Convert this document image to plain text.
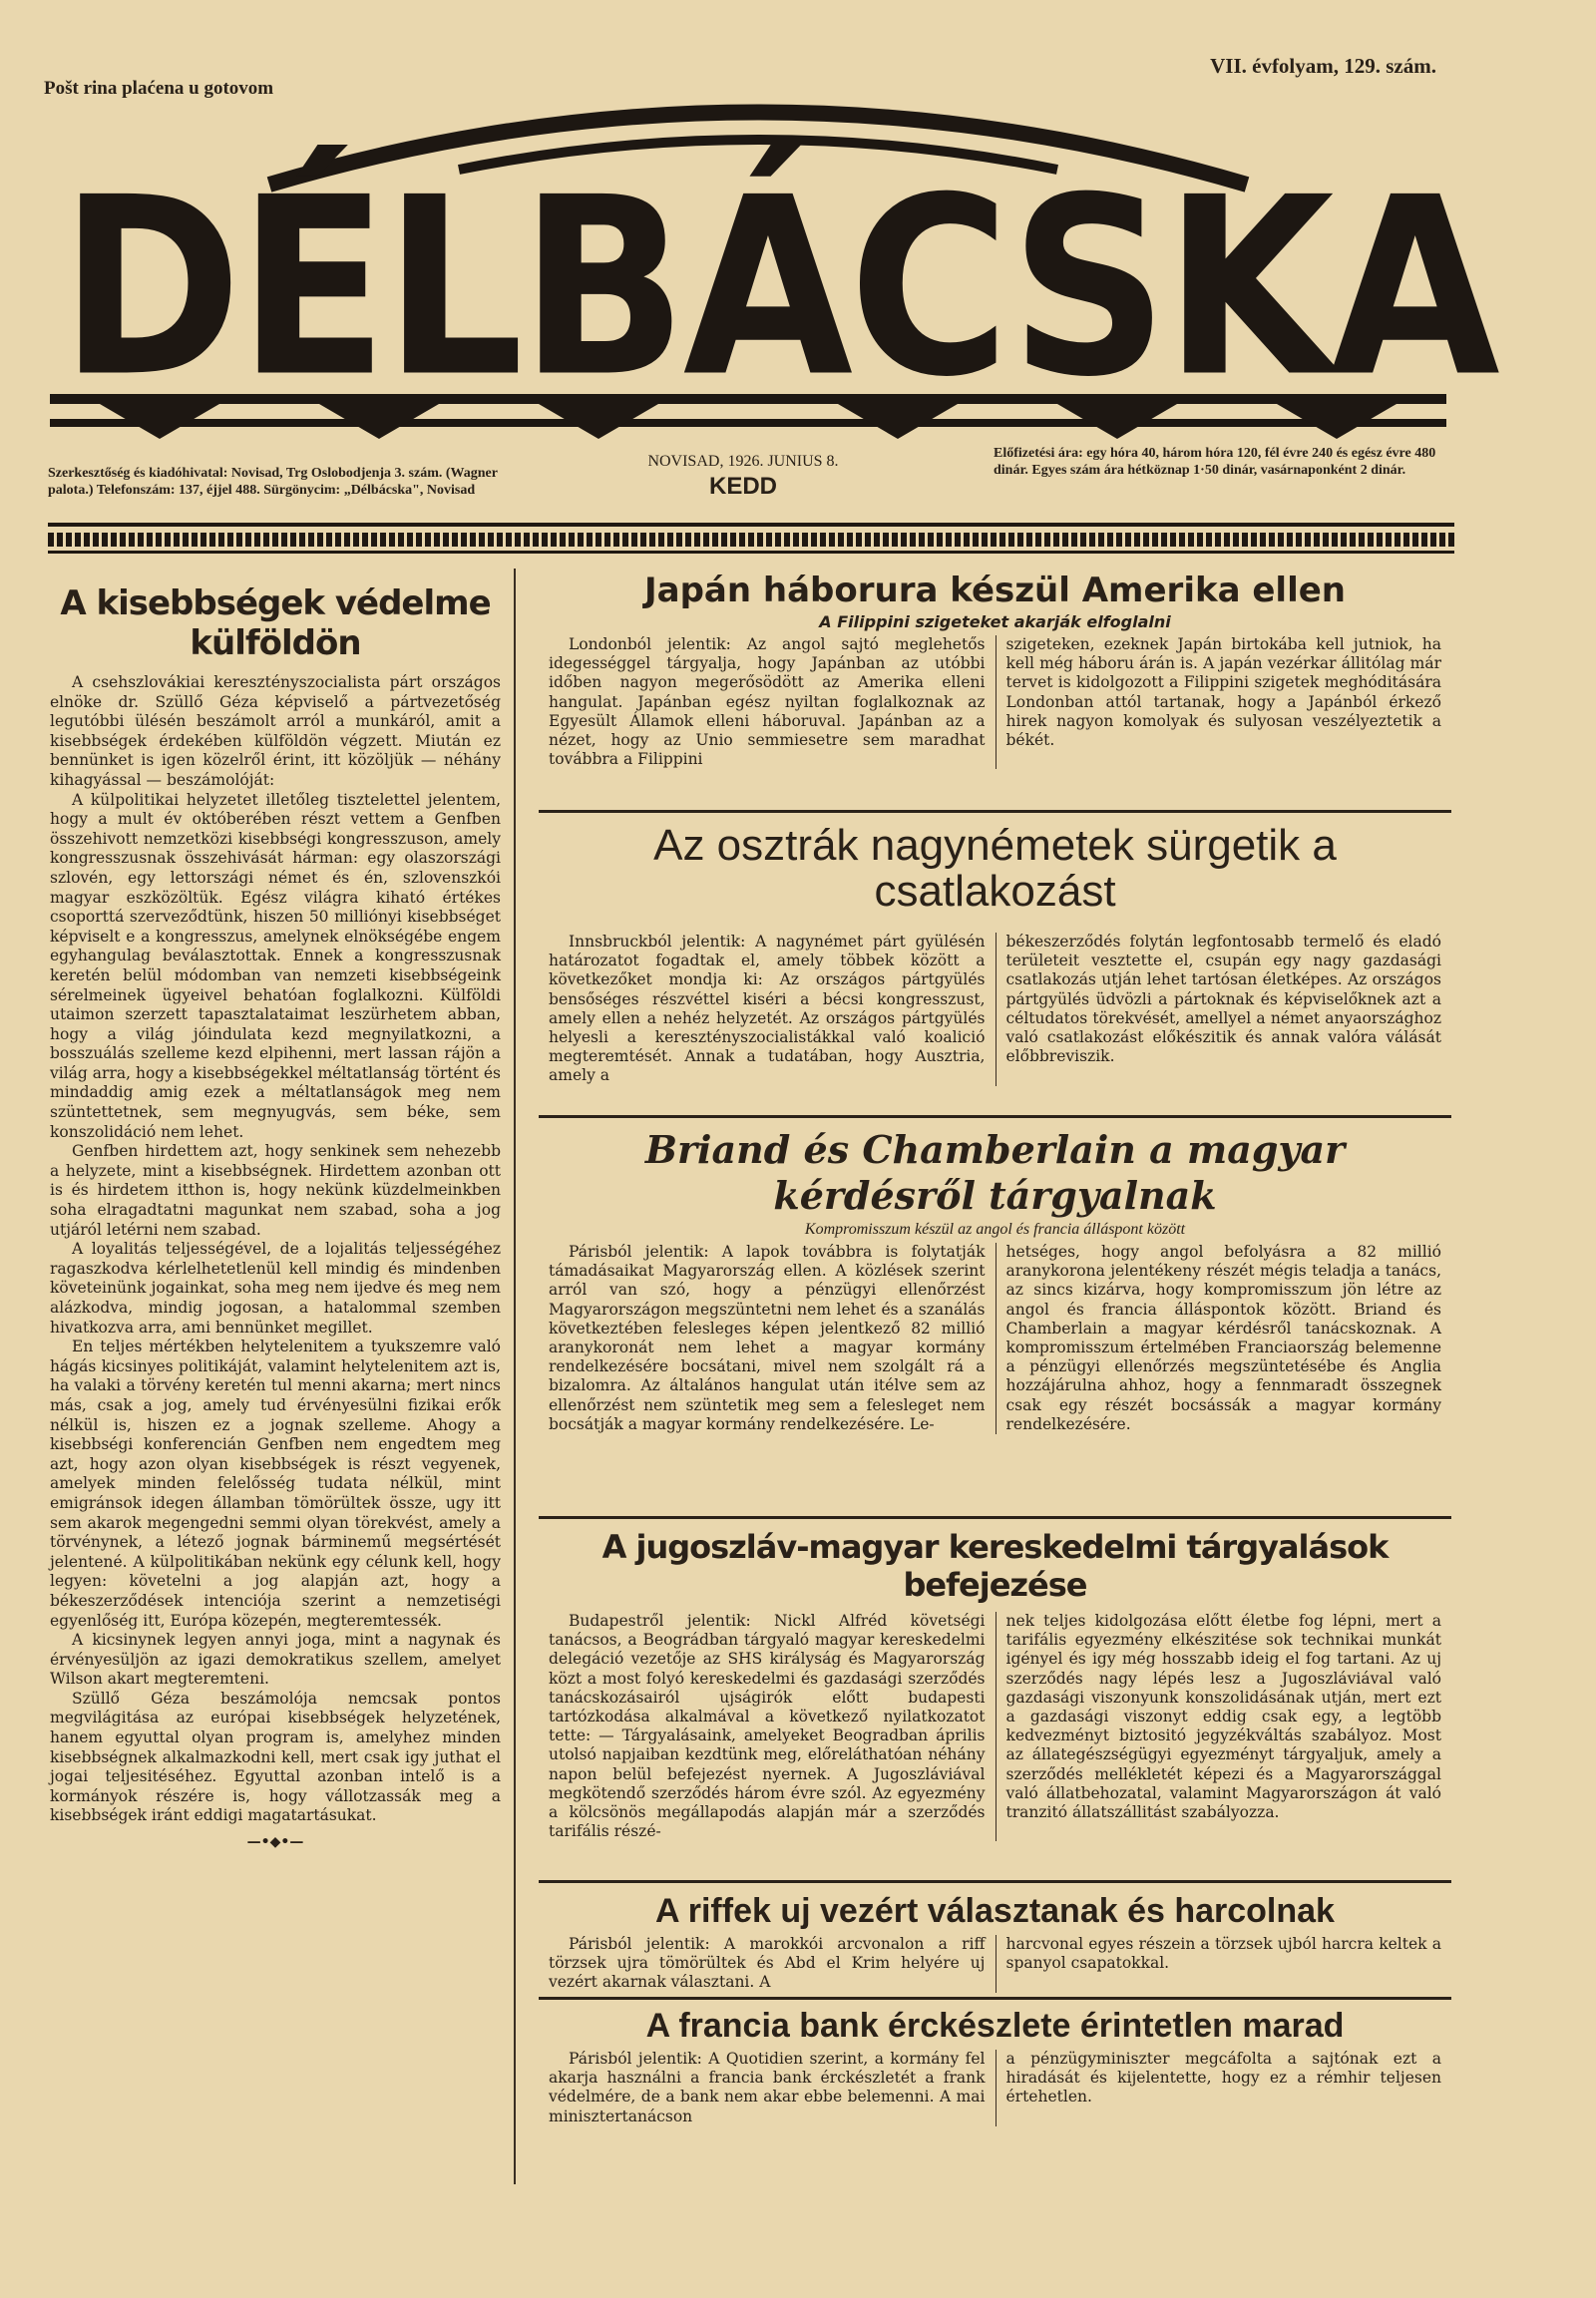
Pošt rina plaćena u gotovom
VII. évfolyam, 129. szám.
DÉLBÁCSKA
Szerkesztőség és kiadóhivatal: Novisad, Trg Oslobodjenja 3. szám. (Wagner palota.) Telefonszám: 137, éjjel 488. Sürgönycim: „Délbácska", Novisad
NOVISAD, 1926. JUNIUS 8.
KEDD
Előfizetési ára: egy hóra 40, három hóra 120, fél évre 240 és egész évre 480 dinár. Egyes szám ára hétköznap 1·50 dinár, vasárnaponként 2 dinár.
A kisebbségek védelme külföldön

A csehszlovákiai keresztényszocialista párt országos elnöke dr. Szüllő Géza képviselő a pártvezetőség legutóbbi ülésén beszámolt arról a munkáról, amit a kisebbségek érdekében külföldön végzett. Miután ez bennünket is igen közelről érint, itt közöljük — néhány kihagyással — beszámolóját:

A külpolitikai helyzetet illetőleg tisztelettel jelentem, hogy a mult év októberében részt vettem a Genfben összehivott nemzetközi kisebbségi kongresszuson, amely kongresszusnak összehivását hárman: egy olaszországi szlovén, egy lettországi német és én, szlovenszkói magyar eszközöltük. Egész világra kiható értékes csoporttá szerveződtünk, hiszen 50 milliónyi kisebbséget képviselt e a kongresszus, amelynek elnökségébe engem egyhangulag beválasztottak. Ennek a kongresszusnak keretén belül módomban van nemzeti kisebbségeink sérelmeinek ügyeivel behatóan foglalkozni. Külföldi utaimon szerzett tapasztalataimat leszürhetem abban, hogy a világ jóindulata kezd megnyilatkozni, a bosszuálás szelleme kezd elpihenni, mert lassan rájön a világ arra, hogy a kisebbségekkel méltatlanság történt és mindaddig amig ezek a méltatlanságok meg nem szüntettetnek, sem megnyugvás, sem béke, sem konszolidáció nem lehet.

Genfben hirdettem azt, hogy senkinek sem nehezebb a helyzete, mint a kisebbségnek. Hirdettem azonban ott is és hirdetem itthon is, hogy nekünk küzdelmeinkben soha elragadtatni magunkat nem szabad, soha a jog utjáról letérni nem szabad.

A loyalitás teljességével, de a lojalitás teljességéhez ragaszkodva kérlelhetetlenül kell mindig és mindenben követeinünk jogainkat, soha meg nem ijedve és meg nem alázkodva, mindig jogosan, a hatalommal szemben hivatkozva arra, ami bennünket megillet.

En teljes mértékben helytelenitem a tyukszemre való hágás kicsinyes politikáját, valamint helytelenitem azt is, ha valaki a törvény keretén tul menni akarna; mert nincs más, csak a jog, amely tud érvényesülni fizikai erők nélkül is, hiszen ez a jognak szelleme. Ahogy a kisebbségi konferencián Genfben nem engedtem meg azt, hogy azon olyan kisebbségek is részt vegyenek, amelyek minden felelősség tudata nélkül, mint emigránsok idegen államban tömörültek össze, ugy itt sem akarok megengedni semmi olyan törekvést, amely a törvénynek, a létező jognak bárminemű megsértését jelentené. A külpolitikában nekünk egy célunk kell, hogy legyen: követelni a jog alapján azt, hogy a békeszerződések intenciója szerint a nemzetiségi egyenlőség itt, Európa közepén, megteremtessék.

A kicsinynek legyen annyi joga, mint a nagynak és érvényesüljön az igazi demokratikus szellem, amelyet Wilson akart megteremteni.

Szüllő Géza beszámolója nemcsak pontos megvilágitása az európai kisebbségek helyzetének, hanem egyuttal olyan program is, amelyhez minden kisebbségnek alkalmazkodni kell, mert csak igy juthat el jogai teljesitéséhez. Egyuttal azonban intelő is a kormányok részére is, hogy vállotzassák meg a kisebbségek iránt eddigi magatartásukat.

—•◆•—
Japán háborura készül Amerika ellen
A Filippini szigeteket akarják elfoglalni

Londonból jelentik: Az angol sajtó meglehetős idegességgel tárgyalja, hogy Japánban az utóbbi időben nagyon megerősödött az Amerika elleni hangulat. Japánban egész nyiltan foglalkoznak az Egyesült Államok elleni háboruval. Japánban az a nézet, hogy az Unio semmiesetre sem maradhat továbbra a Filippini

szigeteken, ezeknek Japán birtokába kell jutniok, ha kell még háboru árán is. A japán vezérkar állitólag már tervet is kidolgozott a Filippini szigetek meghóditására Londonban attól tartanak, hogy a Japánból érkező hirek nagyon komolyak és sulyosan veszélyeztetik a békét.

Az osztrák nagynémetek sürgetik a csatlakozást

Innsbruckból jelentik: A nagynémet párt gyülésén határozatot fogadtak el, amely többek között a következőket mondja ki: Az országos pártgyülés bensőséges részvéttel kiséri a bécsi kongresszust, amely ellen a nehéz helyzetét. Az országos pártgyülés helyesli a keresztényszocialistákkal való koalició megteremtését. Annak a tudatában, hogy Ausztria, amely a

békeszerződés folytán legfontosabb termelő és eladó területeit vesztette el, csupán egy nagy gazdasági csatlakozás utján lehet tartósan életképes. Az országos pártgyülés üdvözli a pártoknak és képviselőknek azt a céltudatos törekvését, amellyel a német anyaországhoz való csatlakozást előkészitik és annak valóra válását előbbreviszik.

Briand és Chamberlain a magyar kérdésről tárgyalnak
Kompromisszum készül az angol és francia álláspont között

Párisból jelentik: A lapok továbbra is folytatják támadásaikat Magyarország ellen. A közlések szerint arról van szó, hogy a pénzügyi ellenőrzést Magyarországon megszüntetni nem lehet és a szanálás következtében felesleges képen jelentkező 82 millió aranykoronát nem lehet a magyar kormány rendelkezésére bocsátani, mivel nem szolgált rá a bizalomra. Az általános hangulat után itélve sem az ellenőrzést nem szüntetik meg sem a felesleget nem bocsátják a magyar kormány rendelkezésére. Le-

hetséges, hogy angol befolyásra a 82 millió aranykorona jelentékeny részét mégis teladja a tanács, az sincs kizárva, hogy kompromisszum jön létre az angol és francia álláspontok között. Briand és Chamberlain a magyar kérdésről tanácskoznak. A kompromisszum értelmében Franciaország belemenne a pénzügyi ellenőrzés megszüntetésébe és Anglia hozzájárulna ahhoz, hogy a fennmaradt összegnek csak egy részét bocsássák a magyar kormány rendelkezésére.

A jugoszláv-magyar kereskedelmi tárgyalások befejezése

Budapestről jelentik: Nickl Alfréd követségi tanácsos, a Beográdban tárgyaló magyar kereskedelmi delegáció vezetője az SHS királyság és Magyarország közt a most folyó kereskedelmi és gazdasági szerződés tanácskozásairól ujságirók előtt budapesti tartózkodása alkalmával a következő nyilatkozatot tette: — Tárgyalásaink, amelyeket Beogradban április utolsó napjaiban kezdtünk meg, előreláthatóan néhány napon belül befejezést nyernek. A Jugoszláviával megkötendő szerződés három évre szól. Az egyezmény a kölcsönös megállapodás alapján már a szerződés tarifális részé-

nek teljes kidolgozása előtt életbe fog lépni, mert a tarifális egyezmény elkészitése sok technikai munkát igényel és igy még hosszabb ideig el fog tartani. Az uj szerződés nagy lépés lesz a Jugoszláviával való gazdasági viszonyunk konszolidásának utján, mert ezt a gazdasági viszonyt eddig csak egy, a legtöbb kedvezményt biztositó jegyzékváltás szabályoz. Most az állategészségügyi egyezményt tárgyaljuk, amely a szerződés mellékletét képezi és a Magyarországgal való állatbehozatal, valamint Magyarországon át való tranzitó állatszállitást szabályozza.

A riffek uj vezért választanak és harcolnak

Párisból jelentik: A marokkói arcvonalon a riff törzsek ujra tömörültek és Abd el Krim helyére uj vezért akarnak választani. A

harcvonal egyes részein a törzsek ujból harcra keltek a spanyol csapatokkal.

A francia bank érckészlete érintetlen marad

Párisból jelentik: A Quotidien szerint, a kormány fel akarja használni a francia bank érckészletét a frank védelmére, de a bank nem akar ebbe belemenni. A mai minisztertanácson

a pénzügyminiszter megcáfolta a sajtónak ezt a hiradását és kijelentette, hogy ez a rémhir teljesen értehetlen.
